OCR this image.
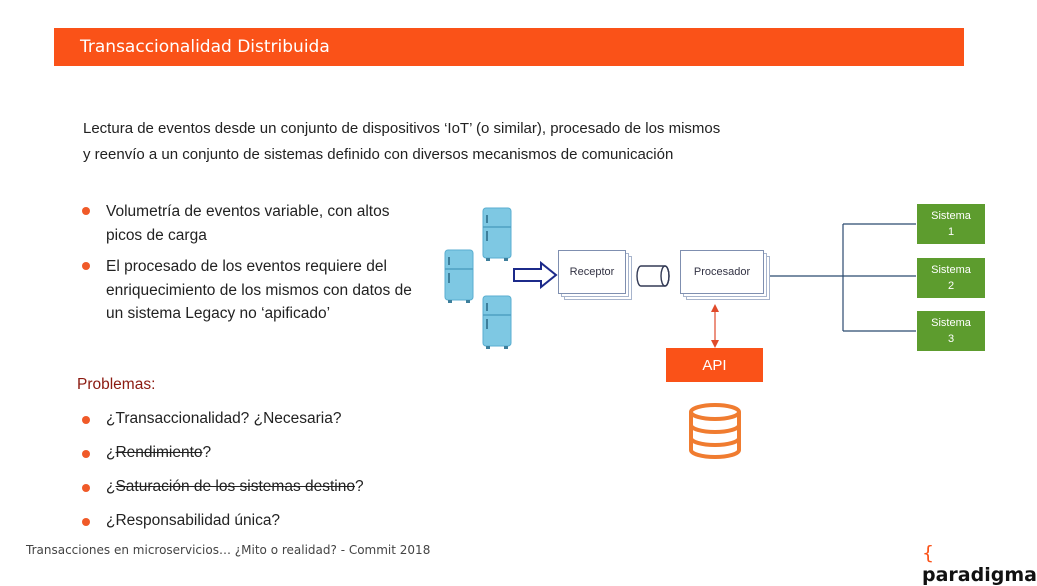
Transaccionalidad Distribuida
Lectura de eventos desde un conjunto de dispositivos ‘IoT’ (o similar), procesado de los mismos
y reenvío a un conjunto de sistemas definido con diversos mecanismos de comunicación
Volumetría de eventos variable, con altos picos de carga
El procesado de los eventos requiere del enriquecimiento de los mismos con datos de un sistema Legacy no ‘apificado’
Problemas:
¿Transaccionalidad? ¿Necesaria?
¿Rendimiento?
¿Saturación de los sistemas destino?
¿Responsabilidad única?
Receptor	Procesador
API
Sistema
1
Sistema
2
Sistema
3
Transacciones en microservicios… ¿Mito o realidad? - Commit 2018	{ paradigma
